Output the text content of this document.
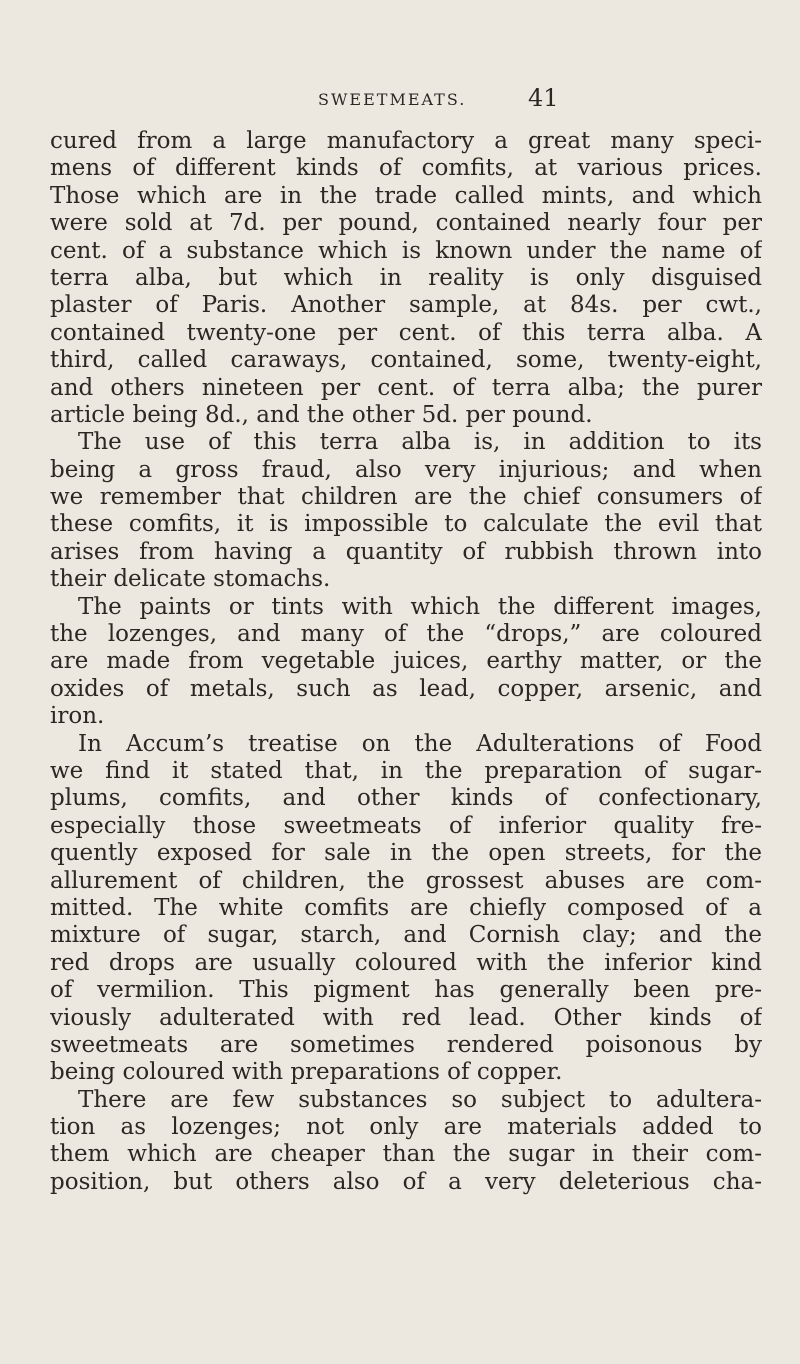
SWEETMEATS.	41
cured from a large manufactory a great many speci-
mens of different kinds of comfits, at various prices.
Those which are in the trade called mints, and which
were sold at 7d. per pound, contained nearly four per
cent. of a substance which is known under the name of
terra alba, but which in reality is only disguised
plaster of Paris. Another sample, at 84s. per cwt.,
contained twenty-one per cent. of this terra alba. A
third, called caraways, contained, some, twenty-eight,
and others nineteen per cent. of terra alba; the purer
article being 8d., and the other 5d. per pound.
The use of this terra alba is, in addition to its
being a gross fraud, also very injurious; and when
we remember that children are the chief consumers of
these comfits, it is impossible to calculate the evil that
arises from having a quantity of rubbish thrown into
their delicate stomachs.
The paints or tints with which the different images,
the lozenges, and many of the “drops,” are coloured
are made from vegetable juices, earthy matter, or the
oxides of metals, such as lead, copper, arsenic, and
iron.
In Accum’s treatise on the Adulterations of Food
we find it stated that, in the preparation of sugar-
plums, comfits, and other kinds of confectionary,
especially those sweetmeats of inferior quality fre-
quently exposed for sale in the open streets, for the
allurement of children, the grossest abuses are com-
mitted. The white comfits are chiefly composed of a
mixture of sugar, starch, and Cornish clay; and the
red drops are usually coloured with the inferior kind
of vermilion. This pigment has generally been pre-
viously adulterated with red lead. Other kinds of
sweetmeats are sometimes rendered poisonous by
being coloured with preparations of copper.
There are few substances so subject to adultera-
tion as lozenges; not only are materials added to
them which are cheaper than the sugar in their com-
position, but others also of a very deleterious cha-
